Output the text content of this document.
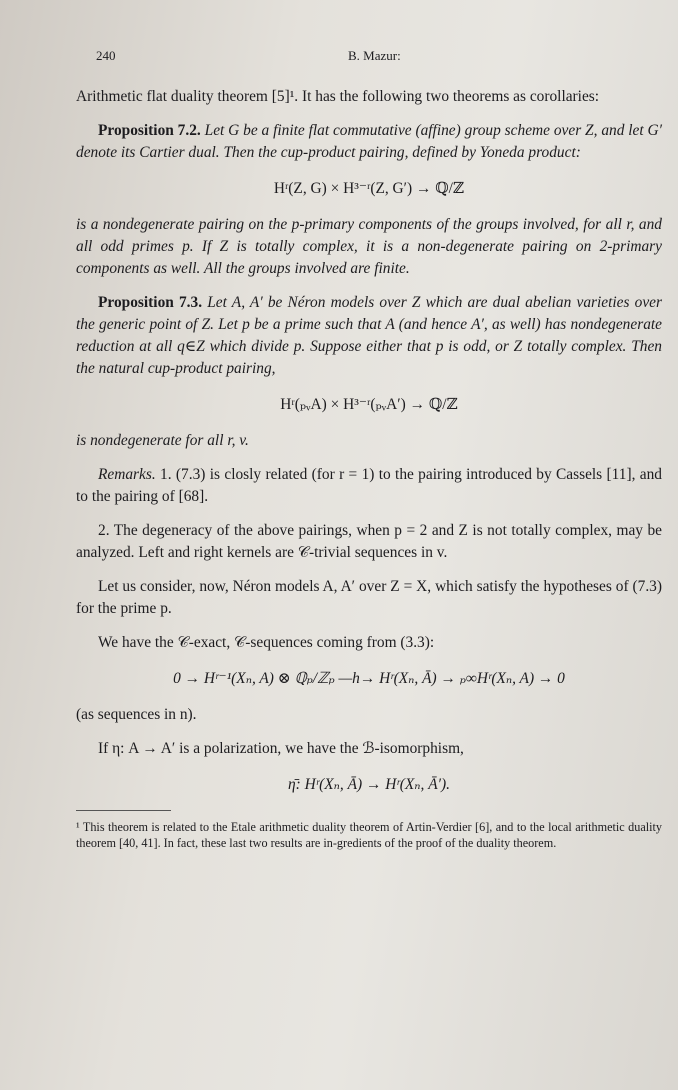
240	B. Mazur:

Arithmetic flat duality theorem [5]¹. It has the following two theorems as corollaries:

Proposition 7.2. Let G be a finite flat commutative (affine) group scheme over Z, and let G′ denote its Cartier dual. Then the cup-product pairing, defined by Yoneda product:

Hʳ(Z, G) × H³⁻ʳ(Z, G′) → ℚ/ℤ

is a nondegenerate pairing on the p-primary components of the groups involved, for all r, and all odd primes p. If Z is totally complex, it is a non-degenerate pairing on 2-primary components as well. All the groups involved are finite.

Proposition 7.3. Let A, A′ be Néron models over Z which are dual abelian varieties over the generic point of Z. Let p be a prime such that A (and hence A′, as well) has nondegenerate reduction at all q∈Z which divide p. Suppose either that p is odd, or Z totally complex. Then the natural cup-product pairing,

Hʳ(ₚᵥA) × H³⁻ʳ(ₚᵥA′) → ℚ/ℤ

is nondegenerate for all r, v.

Remarks. 1. (7.3) is closly related (for r = 1) to the pairing introduced by Cassels [11], and to the pairing of [68].

2. The degeneracy of the above pairings, when p = 2 and Z is not totally complex, may be analyzed. Left and right kernels are 𝒞-trivial sequences in v.

Let us consider, now, Néron models A, A′ over Z = X, which satisfy the hypotheses of (7.3) for the prime p.

We have the 𝒞-exact, 𝒞-sequences coming from (3.3):

0 → Hʳ⁻¹(Xₙ, A) ⊗ ℚₚ/ℤₚ —h→ Hʳ(Xₙ, Ā) → ₚ∞Hʳ(Xₙ, A) → 0

(as sequences in n).

If η: A → A′ is a polarization, we have the ℬ-isomorphism,

η̄: Hʳ(Xₙ, Ā) → Hʳ(Xₙ, Ā′).

¹ This theorem is related to the Etale arithmetic duality theorem of Artin-Verdier [6], and to the local arithmetic duality theorem [40, 41]. In fact, these last two results are in-gredients of the proof of the duality theorem.
